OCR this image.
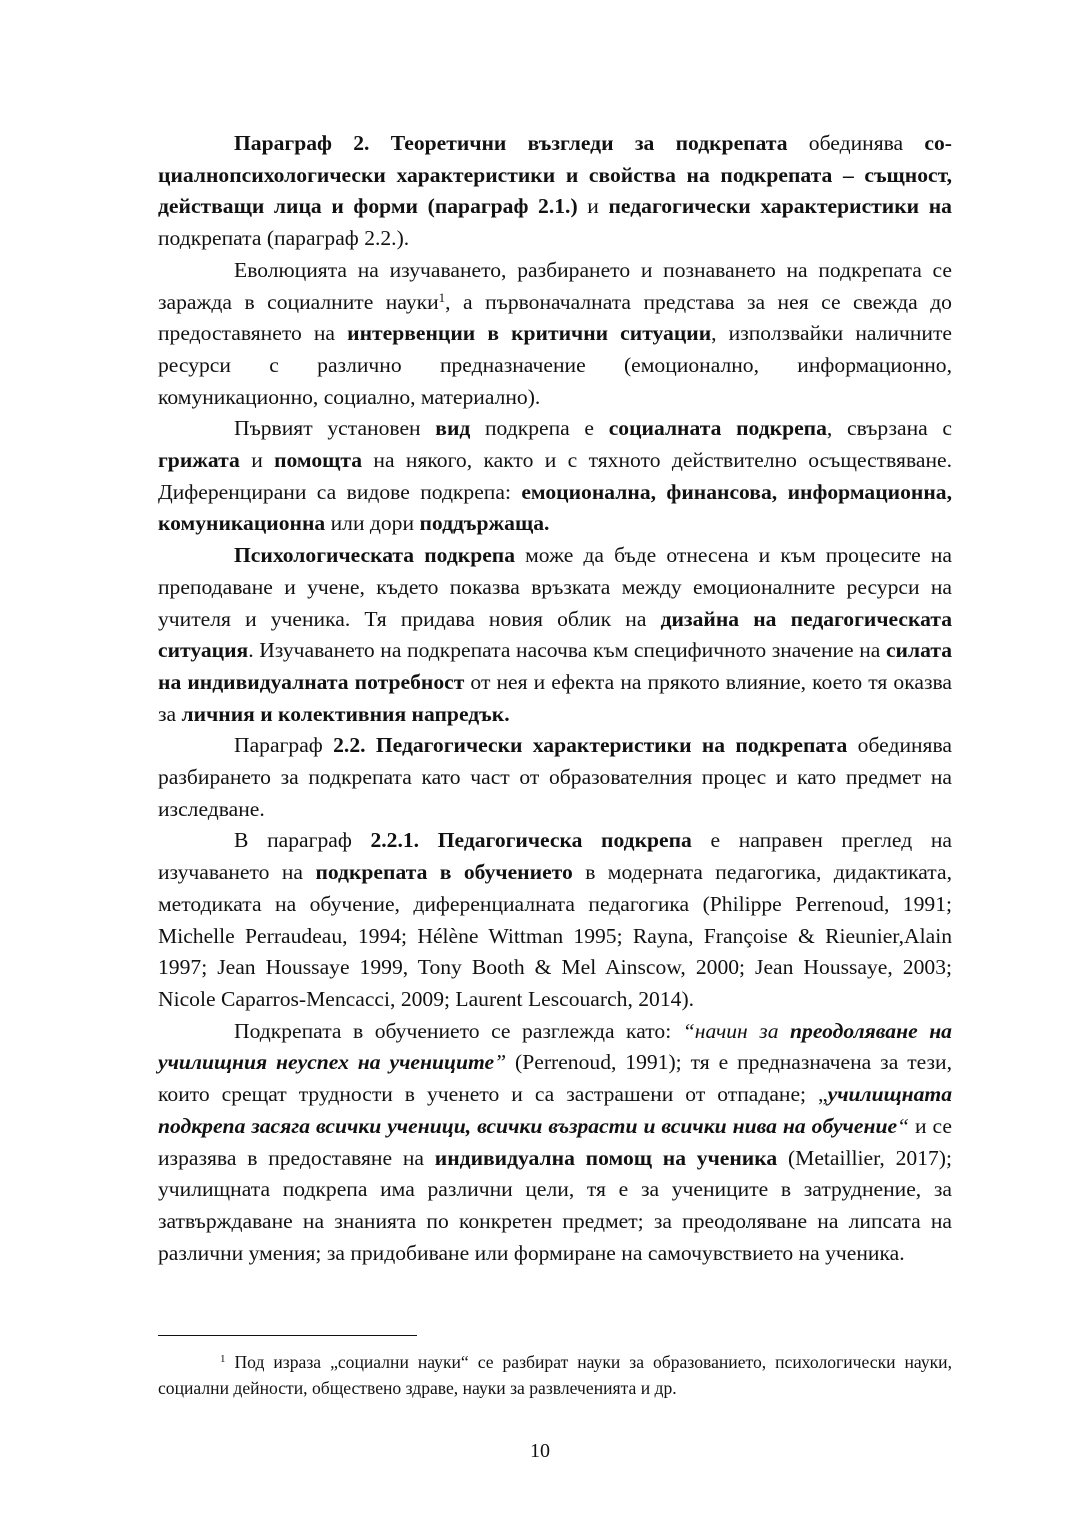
Параграф 2. Теоретични възгледи за подкрепата обединява социалнопсихологически характеристики и свойства на подкрепата – същност, действащи лица и форми (параграф 2.1.) и педагогически характеристики на подкрепата (параграф 2.2.).

Еволюцията на изучаването, разбирането и познаването на подкрепата се заражда в социалните науки$^1$, а първоначалната представа за нея се свежда до предоставянето на интервенции в критични ситуации, използвайки наличните ресурси с различно предназначение (емоционално, информационно, комуникационно, социално, материално).

Първият установен вид подкрепа е социалната подкрепа, свързана с грижата и помощта на някого, както и с тяхното действително осъществяване. Диференцирани са видове подкрепа: емоционална, финансова, информационна, комуникационна или дори поддържаща.

Психологическата подкрепа може да бъде отнесена и към процесите на преподаване и учене, където показва връзката между емоционалните ресурси на учителя и ученика. Тя придава новия облик на дизайна на педагогическата ситуация. Изучаването на подкрепата насочва към специфичното значение на силата на индивидуалната потребност от нея и ефекта на прякото влияние, което тя оказва за личния и колективния напредък.

Параграф 2.2. Педагогически характеристики на подкрепата обединява разбирането за подкрепата като част от образователния процес и като предмет на изследване.

В параграф 2.2.1. Педагогическа подкрепа е направен преглед на изучаването на подкрепата в обучението в модерната педагогика, дидактиката, методиката на обучение, диференциалната педагогика (Philippe Perrenoud, 1991; Michelle Perraudeau, 1994; Hélène Wittman 1995; Rayna, Françoise & Rieunier,Alain 1997; Jean Houssaye 1999, Tony Booth & Mel Ainscow, 2000; Jean Houssaye, 2003; Nicole Caparros-Mencacci, 2009; Laurent Lescouarch, 2014).

Подкрепата в обучението се разглежда като: “начин за преодоляване на училищния неуспех на учениците” (Perrenoud, 1991); тя е предназначена за тези, които срещат трудности в ученето и са застрашени от отпадане; „училищната подкрепа засяга всички ученици, всички възрасти и всички нива на обучение“ и се изразява в предоставяне на индивидуална помощ на ученика (Metaillier, 2017); училищната подкрепа има различни цели, тя е за учениците в затруднение, за затвърждаване на знанията по конкретен предмет; за преодоляване на липсата на различни умения; за придобиване или формиране на самочувствието на ученика.

$^1$ Под израза „социални науки“ се разбират науки за образованието, психологически науки, социални дейности, обществено здраве, науки за развлеченията и др.

10
